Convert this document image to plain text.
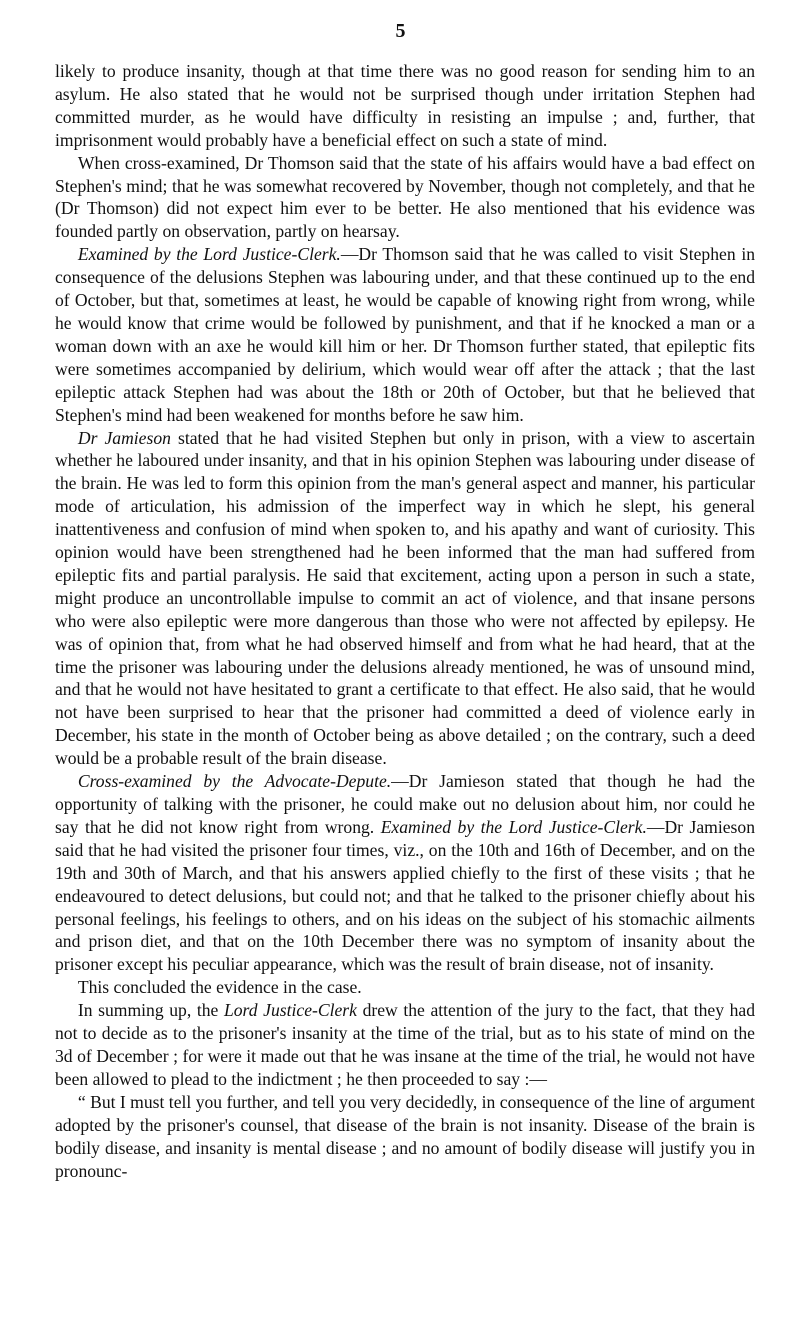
5

likely to produce insanity, though at that time there was no good reason for sending him to an asylum. He also stated that he would not be surprised though under irritation Stephen had committed murder, as he would have difficulty in resisting an impulse ; and, further, that imprisonment would probably have a beneficial effect on such a state of mind.

When cross-examined, Dr Thomson said that the state of his affairs would have a bad effect on Stephen's mind; that he was somewhat recovered by November, though not completely, and that he (Dr Thomson) did not expect him ever to be better. He also mentioned that his evidence was founded partly on observation, partly on hearsay.

Examined by the Lord Justice-Clerk.—Dr Thomson said that he was called to visit Stephen in consequence of the delusions Stephen was labouring under, and that these continued up to the end of October, but that, sometimes at least, he would be capable of knowing right from wrong, while he would know that crime would be followed by punishment, and that if he knocked a man or a woman down with an axe he would kill him or her. Dr Thomson further stated, that epileptic fits were sometimes accompanied by delirium, which would wear off after the attack ; that the last epileptic attack Stephen had was about the 18th or 20th of October, but that he believed that Stephen's mind had been weakened for months before he saw him.

Dr Jamieson stated that he had visited Stephen but only in prison, with a view to ascertain whether he laboured under insanity, and that in his opinion Stephen was labouring under disease of the brain. He was led to form this opinion from the man's general aspect and manner, his particular mode of articulation, his admission of the imperfect way in which he slept, his general inattentiveness and confusion of mind when spoken to, and his apathy and want of curiosity. This opinion would have been strengthened had he been informed that the man had suffered from epileptic fits and partial paralysis. He said that excitement, acting upon a person in such a state, might produce an uncontrollable impulse to commit an act of violence, and that insane persons who were also epileptic were more dangerous than those who were not affected by epilepsy. He was of opinion that, from what he had observed himself and from what he had heard, that at the time the prisoner was labouring under the delusions already mentioned, he was of unsound mind, and that he would not have hesitated to grant a certificate to that effect. He also said, that he would not have been surprised to hear that the prisoner had committed a deed of violence early in December, his state in the month of October being as above detailed ; on the contrary, such a deed would be a probable result of the brain disease.

Cross-examined by the Advocate-Depute.—Dr Jamieson stated that though he had the opportunity of talking with the prisoner, he could make out no delusion about him, nor could he say that he did not know right from wrong. Examined by the Lord Justice-Clerk.—Dr Jamieson said that he had visited the prisoner four times, viz., on the 10th and 16th of December, and on the 19th and 30th of March, and that his answers applied chiefly to the first of these visits ; that he endeavoured to detect delusions, but could not; and that he talked to the prisoner chiefly about his personal feelings, his feelings to others, and on his ideas on the subject of his stomachic ailments and prison diet, and that on the 10th December there was no symptom of insanity about the prisoner except his peculiar appearance, which was the result of brain disease, not of insanity.

This concluded the evidence in the case.

In summing up, the Lord Justice-Clerk drew the attention of the jury to the fact, that they had not to decide as to the prisoner's insanity at the time of the trial, but as to his state of mind on the 3d of December ; for were it made out that he was insane at the time of the trial, he would not have been allowed to plead to the indictment ; he then proceeded to say :—

“ But I must tell you further, and tell you very decidedly, in consequence of the line of argument adopted by the prisoner's counsel, that disease of the brain is not insanity. Disease of the brain is bodily disease, and insanity is mental disease ; and no amount of bodily disease will justify you in pronounc-
